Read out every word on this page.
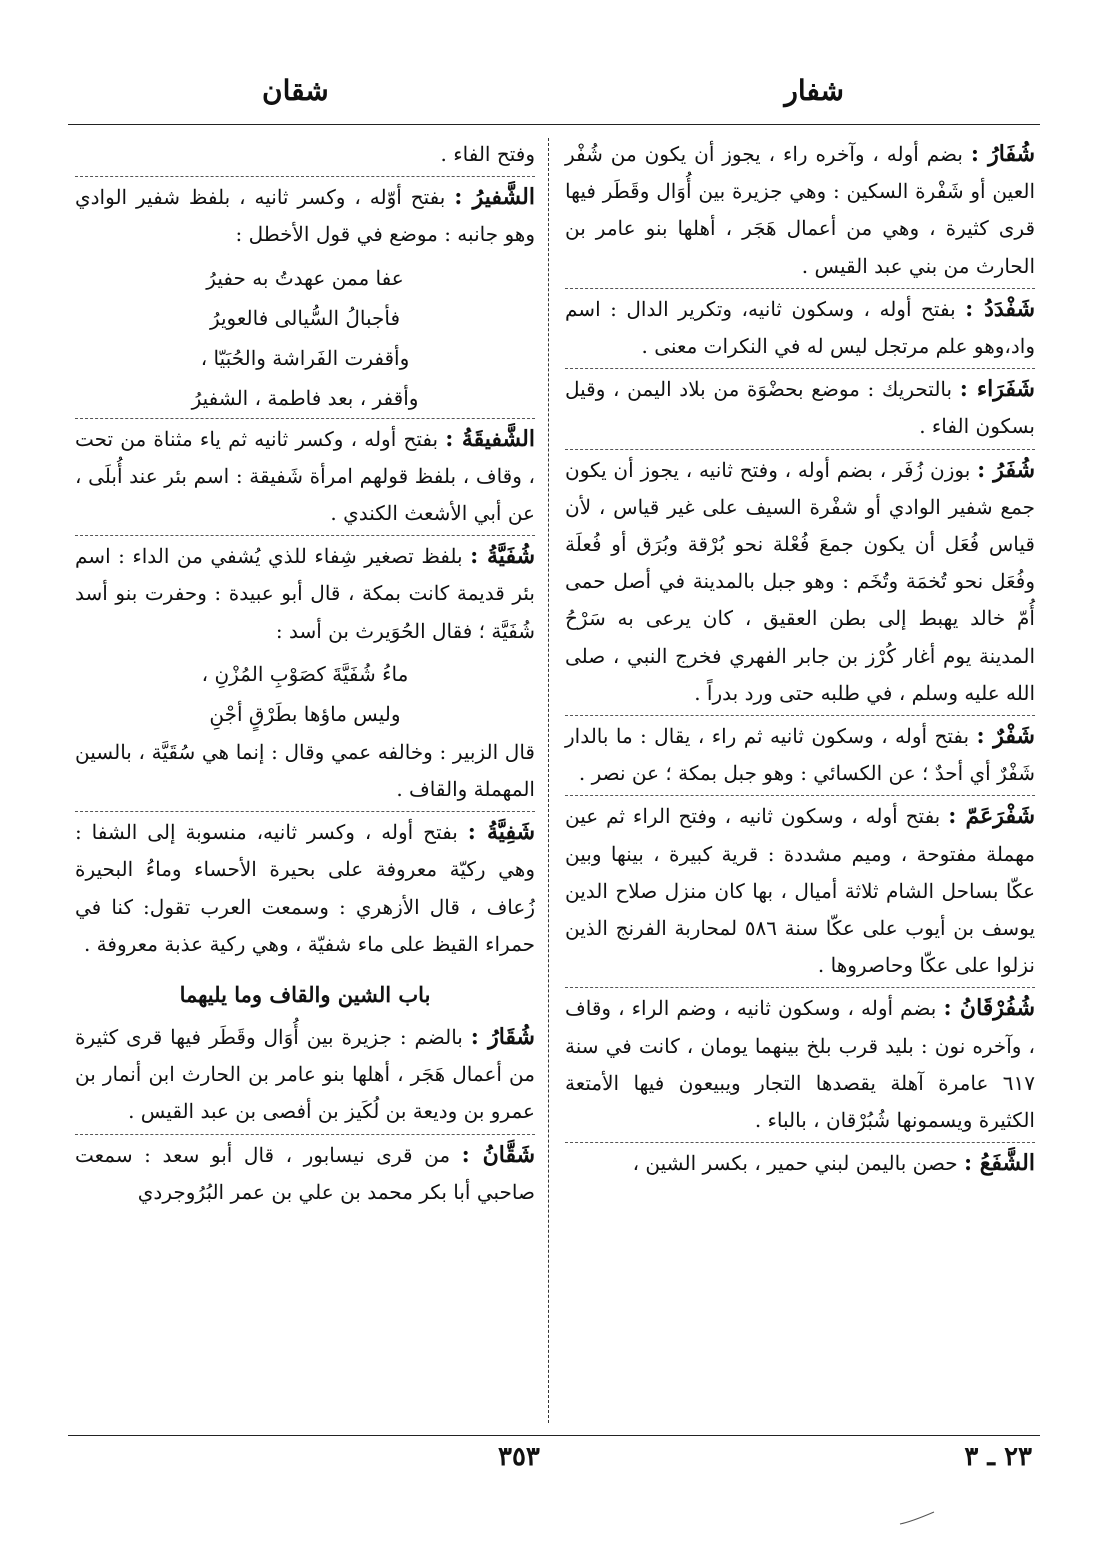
شفار
شقان

شُفَارُ : بضم أوله ، وآخره راء ، يجوز أن يكون من شُفْر العين أو شَفْرة السكين : وهي جزيرة بين أُوَال وقَطَر فيها قرى كثيرة ، وهي من أعمال هَجَر ، أهلها بنو عامر بن الحارث من بني عبد القيس .

شَفْدَدُ : بفتح أوله ، وسكون ثانيه، وتكرير الدال : اسم واد،وهو علم مرتجل ليس له في النكرات معنى .

شَفَرَاء : بالتحريك : موضع بحضْوَة من بلاد اليمن ، وقيل بسكون الفاء .

شُفَرُ : بوزن زُفَر ، بضم أوله ، وفتح ثانيه ، يجوز أن يكون جمع شفير الوادي أو شفْرة السيف على غير قياس ، لأن قياس فُعَل أن يكون جمعَ فُعْلة نحو بُرْقة وبُرَق أو فُعلَة وفُعَل نحو تُخمَة وتُخَم : وهو جبل بالمدينة في أصل حمى أُمّ خالد يهبط إلى بطن العقيق ، كان يرعى به سَرْحُ المدينة يوم أغار كُرْز بن جابر الفهري فخرج النبي ، صلى الله عليه وسلم ، في طلبه حتى ورد بدراً .

شَفْرٌ : بفتح أوله ، وسكون ثانيه ثم راء ، يقال : ما بالدار شَفْرٌ أي أحدٌ ؛ عن الكسائي : وهو جبل بمكة ؛ عن نصر .

شَفْرَعَمّ : بفتح أوله ، وسكون ثانيه ، وفتح الراء ثم عين مهملة مفتوحة ، وميم مشددة : قرية كبيرة ، بينها وبين عكّا بساحل الشام ثلاثة أميال ، بها كان منزل صلاح الدين يوسف بن أيوب على عكّا سنة ٥٨٦ لمحاربة الفرنج الذين نزلوا على عكّا وحاصروها .

شُفُرْقَانُ : بضم أوله ، وسكون ثانيه ، وضم الراء ، وقاف ، وآخره نون : بليد قرب بلخ بينهما يومان ، كانت في سنة ٦١٧ عامرة آهلة يقصدها التجار ويبيعون فيها الأمتعة الكثيرة ويسمونها شُبُرْقان ، بالباء .

الشَّفَعُ : حصن باليمن لبني حمير ، بكسر الشين ،

وفتح الفاء .

الشَّفيرُ : بفتح أوّله ، وكسر ثانيه ، بلفظ شفير الوادي وهو جانبه : موضع في قول الأخطل :

عفا ممن عهدتُ به حفيرُ

فأجبالُ السُّيالى فالعويرُ

وأقفرت الفَراشة والحُبَيّا ،

وأقفر ، بعد فاطمة ، الشفيرُ

الشَّفيقَةُ : بفتح أوله ، وكسر ثانيه ثم ياء مثناة من تحت ، وقاف ، بلفظ قولهم امرأة شَفيقة : اسم بئر عند أُبلَى ، عن أبي الأشعث الكندي .

شُفَيَّةُ : بلفظ تصغير شِفاء للذي يُشفي من الداء : اسم بئر قديمة كانت بمكة ، قال أبو عبيدة : وحفرت بنو أسد شُفَيَّة ؛ فقال الحُوَيرث بن أسد :

ماءُ شُفَيَّةَ كصَوْبِ المُزْنِ ،

وليس ماؤها بطَرْقٍ أجْنِ

قال الزبير : وخالفه عمي وقال : إنما هي سُقَيَّة ، بالسين المهملة والقاف .

شَفِيَّةُ : بفتح أوله ، وكسر ثانيه، منسوبة إلى الشفا : وهي ركيّة معروفة على بحيرة الأحساء وماءُ البحيرة زُعاف ، قال الأزهري : وسمعت العرب تقول: كنا في حمراء القيظ على ماء شفيّة ، وهي ركية عذبة معروفة .

باب الشين والقاف وما يليهما

شُقَارُ : بالضم : جزيرة بين أُوَال وقَطَر فيها قرى كثيرة من أعمال هَجَر ، أهلها بنو عامر بن الحارث ابن أنمار بن عمرو بن وديعة بن لُكَيز بن أفصى بن عبد القيس .

شَقَّانُ : من قرى نيسابور ، قال أبو سعد : سمعت صاحبي أبا بكر محمد بن علي بن عمر البُرُوجردي

٣٥٣	٢٣ ـ ٣
